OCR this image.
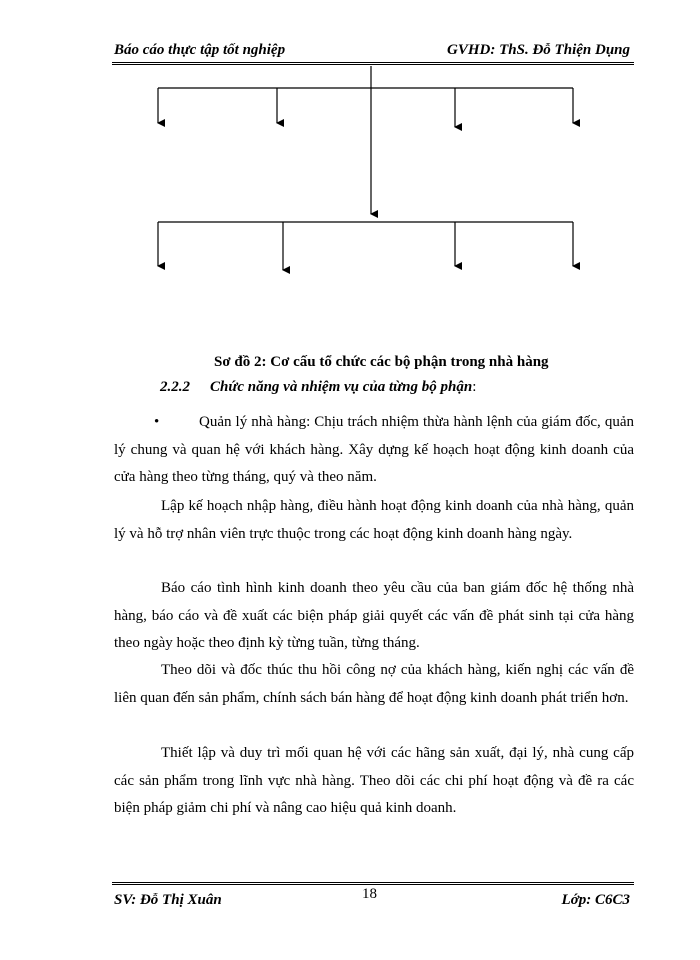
Báo cáo thực tập tốt nghiệp	GVHD: ThS. Đỗ Thiện Dụng
Sơ đồ 2: Cơ cấu tổ chức các bộ phận trong nhà hàng
2.2.2 Chức năng và nhiệm vụ của từng bộ phận:

•	Quản lý nhà hàng: Chịu trách nhiệm thừa hành lệnh của giám đốc, quản lý chung và quan hệ với khách hàng. Xây dựng kế hoạch hoạt động kinh doanh của cửa hàng theo từng tháng, quý và theo năm.

Lập kế hoạch nhập hàng, điều hành hoạt động kinh doanh của nhà hàng, quản lý và hỗ trợ nhân viên trực thuộc trong các hoạt động kinh doanh hàng ngày.

Báo cáo tình hình kinh doanh theo yêu cầu của ban giám đốc hệ thống nhà hàng, báo cáo và đề xuất các biện pháp giải quyết các vấn đề phát sinh tại cửa hàng theo ngày hoặc theo định kỳ từng tuần, từng tháng.

Theo dõi và đốc thúc thu hồi công nợ của khách hàng, kiến nghị các vấn đề liên quan đến sản phẩm, chính sách bán hàng để hoạt động kinh doanh phát triển hơn.

Thiết lập và duy trì mối quan hệ với các hãng sản xuất, đại lý, nhà cung cấp các sản phẩm trong lĩnh vực nhà hàng. Theo dõi các chi phí hoạt động và đề ra các biện pháp giảm chi phí và nâng cao hiệu quả kinh doanh.

SV: Đỗ Thị Xuân	18	Lớp: C6C3
